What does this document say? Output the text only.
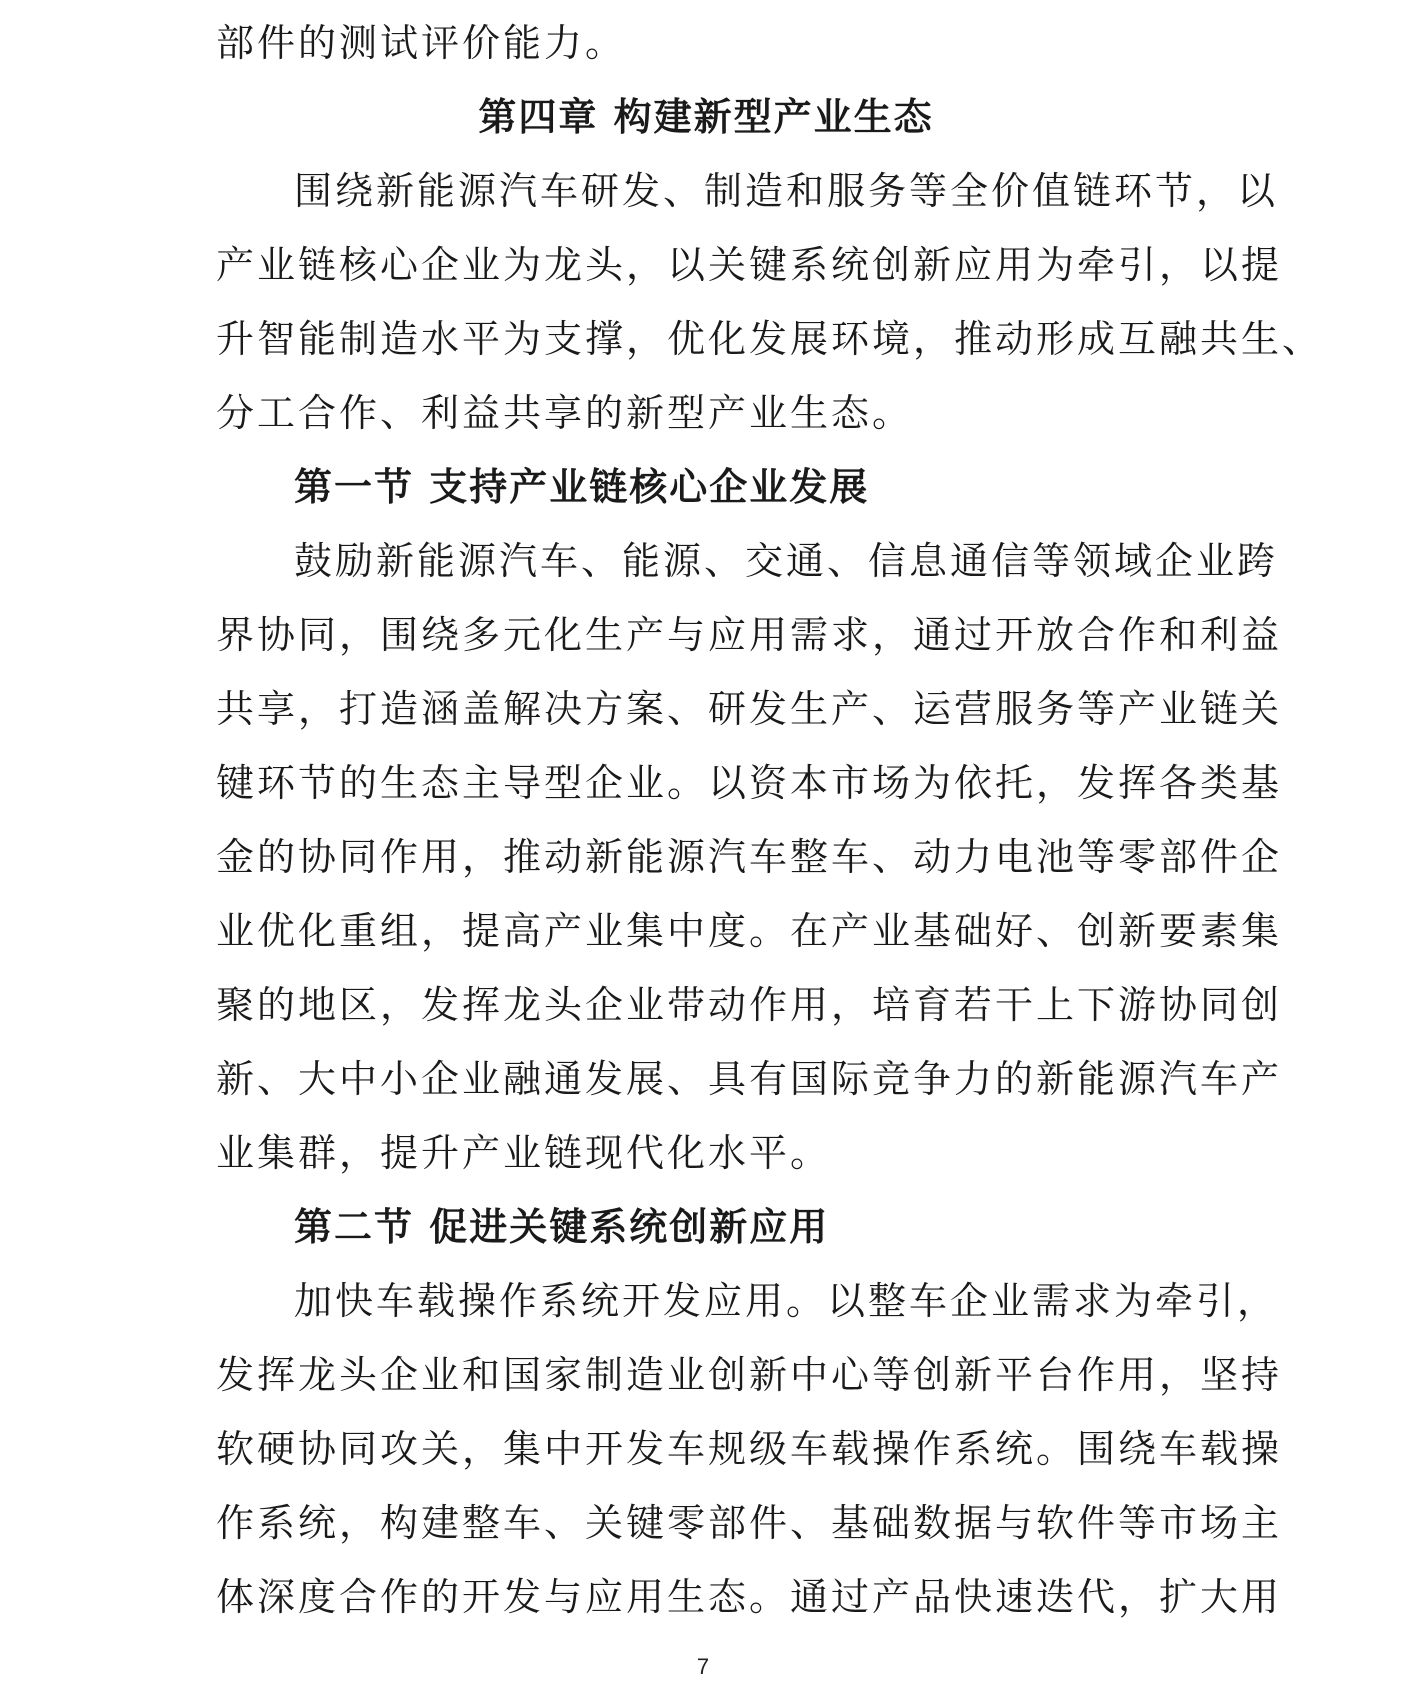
部件的测试评价能力。
第四章 构建新型产业生态
围绕新能源汽车研发、制造和服务等全价值链环节，以
产业链核心企业为龙头，以关键系统创新应用为牵引，以提
升智能制造水平为支撑，优化发展环境，推动形成互融共生、
分工合作、利益共享的新型产业生态。
第一节 支持产业链核心企业发展
鼓励新能源汽车、能源、交通、信息通信等领域企业跨
界协同，围绕多元化生产与应用需求，通过开放合作和利益
共享，打造涵盖解决方案、研发生产、运营服务等产业链关
键环节的生态主导型企业。以资本市场为依托，发挥各类基
金的协同作用，推动新能源汽车整车、动力电池等零部件企
业优化重组，提高产业集中度。在产业基础好、创新要素集
聚的地区，发挥龙头企业带动作用，培育若干上下游协同创
新、大中小企业融通发展、具有国际竞争力的新能源汽车产
业集群，提升产业链现代化水平。
第二节 促进关键系统创新应用
加快车载操作系统开发应用。以整车企业需求为牵引，
发挥龙头企业和国家制造业创新中心等创新平台作用，坚持
软硬协同攻关，集中开发车规级车载操作系统。围绕车载操
作系统，构建整车、关键零部件、基础数据与软件等市场主
体深度合作的开发与应用生态。通过产品快速迭代，扩大用
7
